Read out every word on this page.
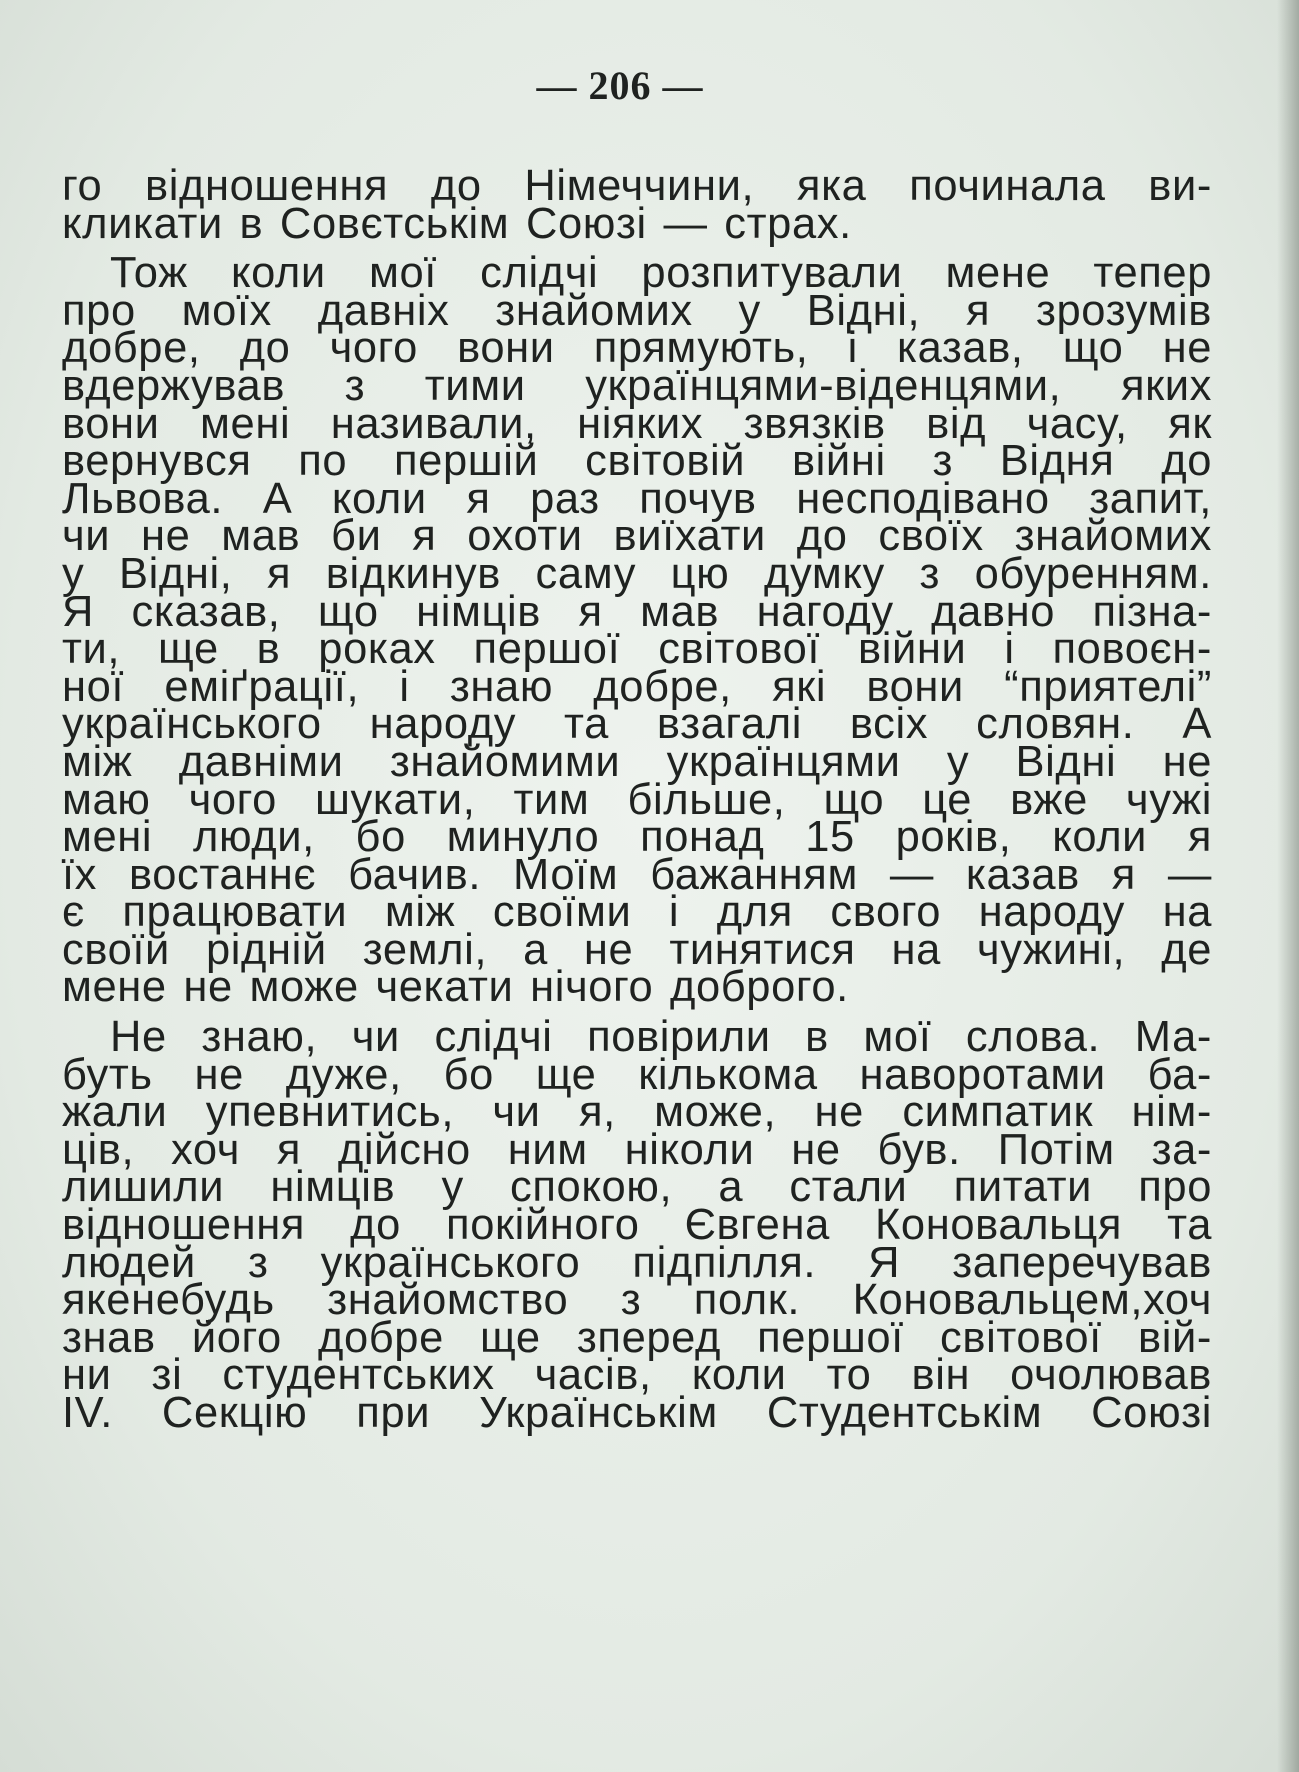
— 206 —
го відношення до Німеччини, яка починала ви-
кликати в Совєтськім Союзі — страх.
Тож коли мої слідчі розпитували мене тепер
про моїх давніх знайомих у Відні, я зрозумів
добре, до чого вони прямують, і казав, що не
вдержував з тими українцями-віденцями, яких
вони мені називали, ніяких звязків від часу, як
вернувся по першій світовій війні з Відня до
Львова. А коли я раз почув несподівано запит,
чи не мав би я охоти виїхати до своїх знайомих
у Відні, я відкинув саму цю думку з обуренням.
Я сказав, що німців я мав нагоду давно пізна-
ти, ще в роках першої світової війни і повоєн-
ної еміґрації, і знаю добре, які вони “приятелі”
українського народу та взагалі всіх словян. А
між давніми знайомими українцями у Відні не
маю чого шукати, тим більше, що це вже чужі
мені люди, бо минуло понад 15 років, коли я
їх востаннє бачив. Моїм бажанням — казав я —
є працювати між своїми і для свого народу на
своїй рідній землі, а не тинятися на чужині, де
мене не може чекати нічого доброго.
Не знаю, чи слідчі повірили в мої слова. Ма-
буть не дуже, бо ще кількома наворотами ба-
жали упевнитись, чи я, може, не симпатик нім-
ців, хоч я дійсно ним ніколи не був. Потім за-
лишили німців у спокою, а стали питати про
відношення до покійного Євгена Коновальця та
людей з українського підпілля. Я заперечував
якенебудь знайомство з полк. Коновальцем,хоч
знав його добре ще зперед першої світової вій-
ни зі студентських часів, коли то він очолював
IV. Секцію при Українськім Студентськім Союзі
